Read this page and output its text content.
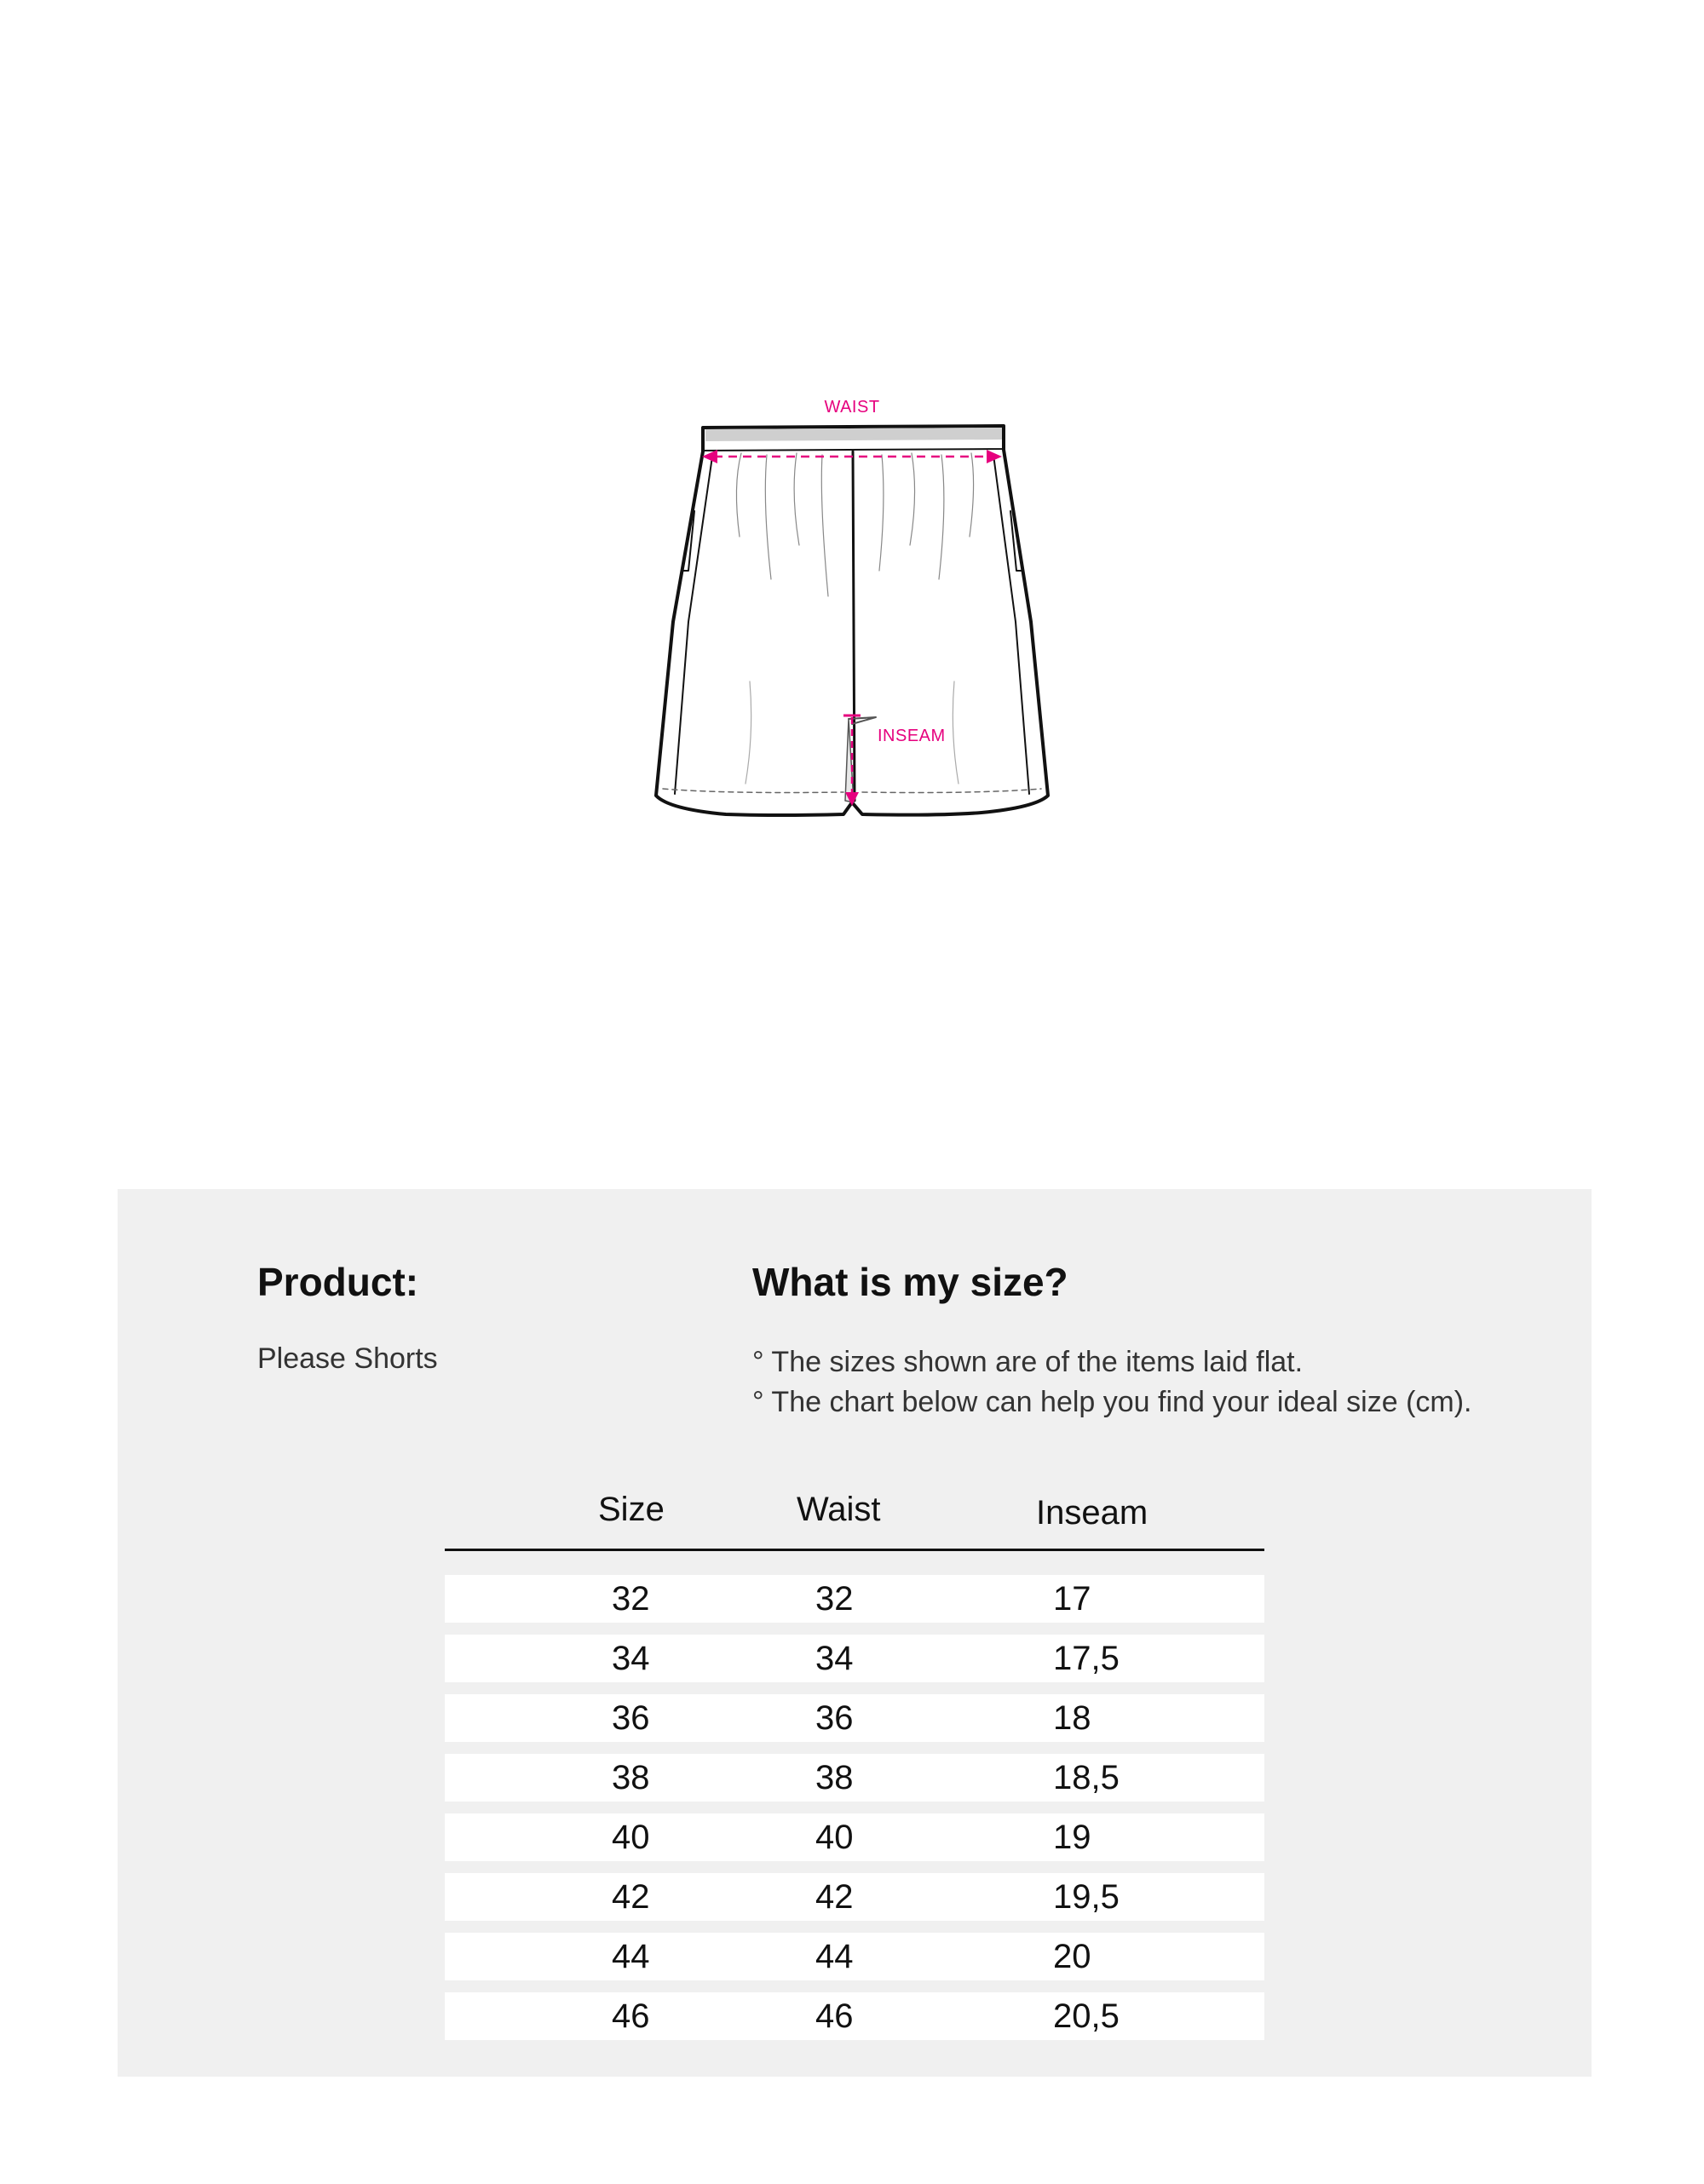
WAIST
INSEAM
Product:
Please Shorts
What is my size?
° The sizes shown are of the items laid flat.
° The chart below can help you find your ideal size (cm).
Size	Waist	Inseam
32	32	17
34	34	17,5
36	36	18
38	38	18,5
40	40	19
42	42	19,5
44	44	20
46	46	20,5
